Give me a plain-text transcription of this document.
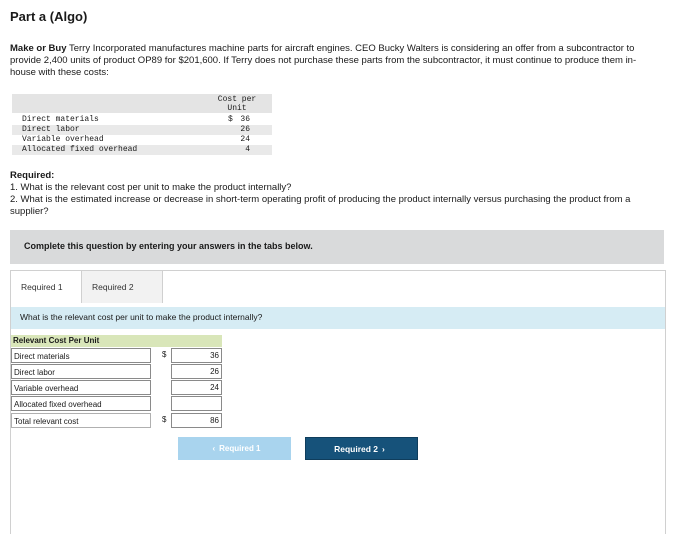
Part a (Algo)
Make or Buy Terry Incorporated manufactures machine parts for aircraft engines. CEO Bucky Walters is considering an offer from a subcontractor to provide 2,400 units of product OP89 for $201,600. If Terry does not purchase these parts from the subcontractor, it must continue to produce them in-house with these costs:
Cost per
Unit
Direct materials	$ 36
Direct labor	26
Variable overhead	24
Allocated fixed overhead	4
Required:
1. What is the relevant cost per unit to make the product internally?
2. What is the estimated increase or decrease in short-term operating profit of producing the product internally versus purchasing the product from a supplier?
Complete this question by entering your answers in the tabs below.
Required 1	Required 2
What is the relevant cost per unit to make the product internally?
Relevant Cost Per Unit
Direct materials	$	36
Direct labor	26
Variable overhead	24
Allocated fixed overhead
Total relevant cost	$	86
‹ Required 1	Required 2 ›
